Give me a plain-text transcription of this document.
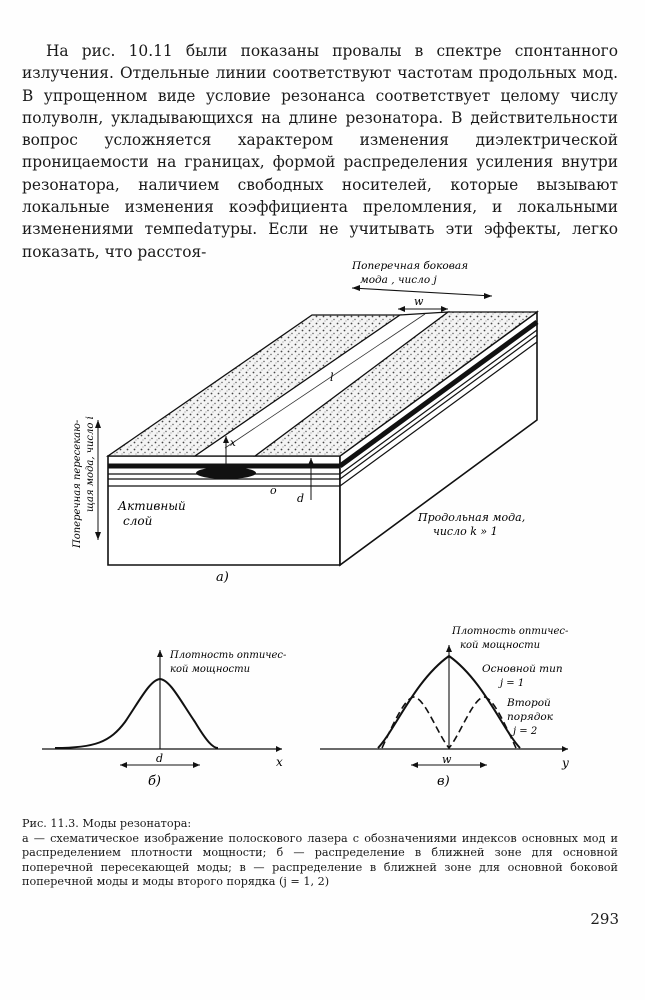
На рис. 10.11 были показаны провалы в спектре спонтанного излучения. Отдельные линии соответствуют частотам продольных мод. В упрощенном виде условие резонанса соответствует целому числу полуволн, укладывающихся на длине резонатора. В действительности вопрос усложняется характером изменения диэлектрической проницаемости на границах, формой распределения усиления внутри резонатора, наличием свободных носителей, которые вызывают локальные изменения коэффициента преломления, и локальными изменениями темпеdатуры. Если не учитывать эти эффекты, легко показать, что расстоя-

Поперечная боковая
мода , число j
w
l
x
o
d
Поперечная пересекаю- щая мода, число i Активный
слой	Продольная мода,
число k » 1
а)
Плотность оптичес-
кой мощности
d	x
б)
Плотность оптичес-
кой мощности
Основной тип
j = 1
Второй
порядок
j = 2
w	y
в)
Рис. 11.3. Моды резонатора:
а — схематическое изображение полоскового лазера с обозначениями индексов основных мод и распределением плотности мощности; б — распределение в ближней зоне для основной поперечной пересекающей моды; в — распределение в ближней зоне для основной боковой поперечной моды и моды второго порядка (j = 1, 2)
293
